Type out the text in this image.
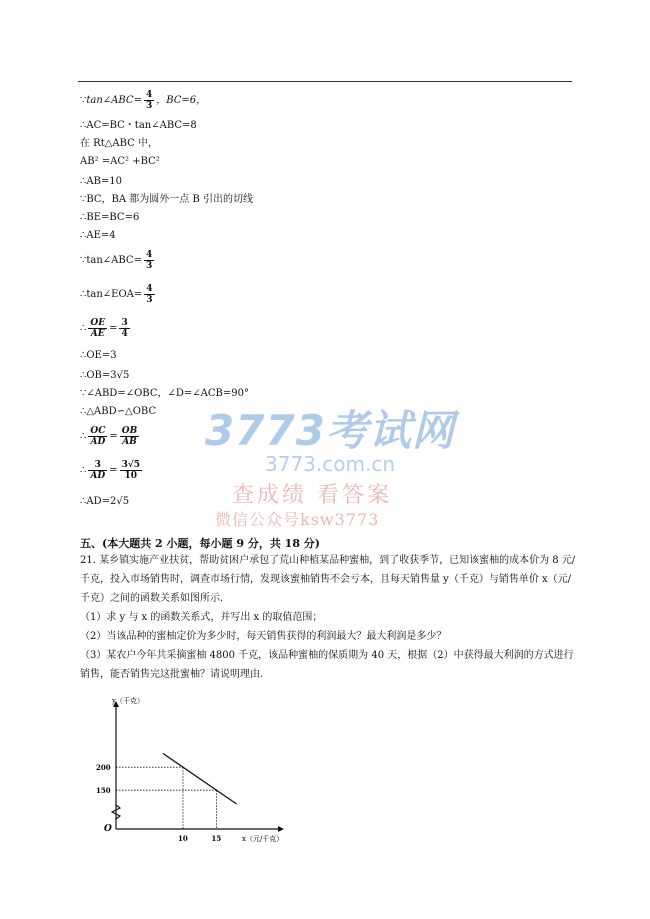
∵tan∠ABC= $\frac{4}{3}$ ，BC=6，
∴AC=BC・tan∠ABC=8
在 Rt△ABC 中，
AB² =AC² +BC²
∴AB=10
∵BC，BA 都为圆外一点 B 引出的切线
∴BE=BC=6
∴AE=4
∵tan∠ABC= $\frac{4}{3}$
∴tan∠EOA= $\frac{4}{3}$
∴ $\frac{OE}{AE} = \frac{3}{4}$
∴OE=3
∴OB=3√5
∵∠ABD=∠OBC，∠D=∠ACB=90°
∴△ABD∽△OBC
∴ $\frac{OC}{AD} = \frac{OB}{AB}$
∴ $\frac{3}{AD} = \frac{3√5}{10}$
∴AD=2√5
3773考试网
3773.com.cn
查成绩 看答案
微信公众号ksw3773
五、(本大题共 2 小题，每小题 9 分，共 18 分)
21. 某乡镇实施产业扶贫，帮助贫困户承包了荒山种植某品种蜜柚，到了收获季节，已知该蜜柚的成本价为 8 元/千克，投入市场销售时，调查市场行情，发现该蜜柚销售不会亏本，且每天销售量 y（千克）与销售单价 x（元/千克）之间的函数关系如图所示.
（1）求 y 与 x 的函数关系式，并写出 x 的取值范围；
（2）当该品种的蜜柚定价为多少时，每天销售获得的利润最大？最大利润是多少？
（3）某农户今年共采摘蜜柚 4800 千克，该品种蜜柚的保质期为 40 天，根据（2）中获得最大利润的方式进行销售，能否销售完这批蜜柚？请说明理由.
O
y（千克）
x（元/千克）
10
200
15
150
